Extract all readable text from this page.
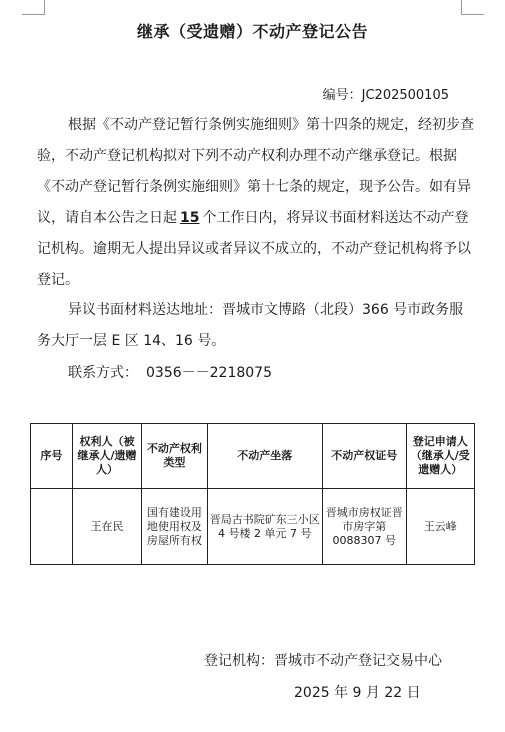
继承（受遗赠）不动产登记公告
编号：JC202500105

根据《不动产登记暂行条例实施细则》第十四条的规定，经初步查验，不动产登记机构拟对下列不动产权利办理不动产继承登记。根据《不动产登记暂行条例实施细则》第十七条的规定，现予公告。如有异议，请自本公告之日起 15 个工作日内，将异议书面材料送达不动产登记机构。逾期无人提出异议或者异议不成立的，不动产登记机构将予以登记。

异议书面材料送达地址：晋城市文博路（北段）366 号市政务服务大厅一层 E 区 14、16 号。

联系方式： 0356－－2218075

序号	权利人（被继承人/遗赠人）	不动产权利类型	不动产坐落	不动产权证号	登记申请人（继承人/受遗赠人）
	王在民	国有建设用地使用权及房屋所有权	晋局古书院矿东三小区 4 号楼 2 单元 7 号	晋城市房权证晋市房字第 0088307 号	王云峰
登记机构：晋城市不动产登记交易中心
2025 年 9 月 22 日
